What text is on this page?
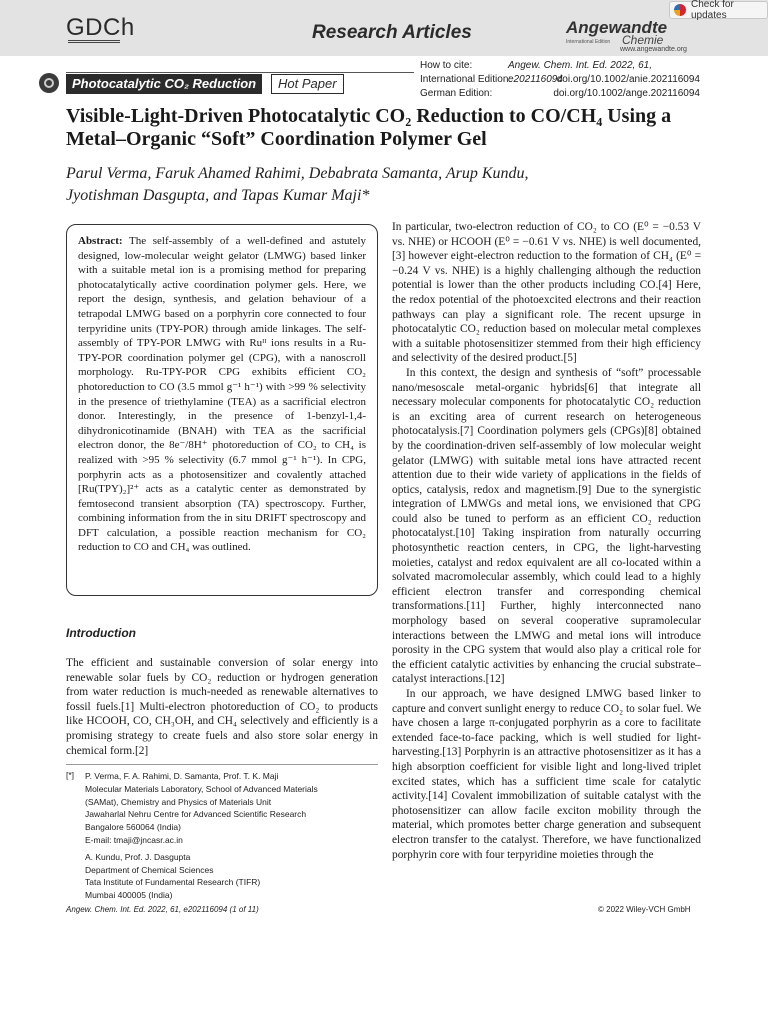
GDCh	Research Articles	Angewandte
Chemie
International Edition
www.angewandte.org
Check for updates
How to cite:	Angew. Chem. Int. Ed. 2022, 61, e202116094
International Edition:	doi.org/10.1002/anie.202116094
German Edition:	doi.org/10.1002/ange.202116094
Photocatalytic CO₂ Reduction	Hot Paper
Visible-Light-Driven Photocatalytic CO₂ Reduction to CO/CH₄ Using a Metal–Organic “Soft” Coordination Polymer Gel
Parul Verma, Faruk Ahamed Rahimi, Debabrata Samanta, Arup Kundu,
Jyotishman Dasgupta, and Tapas Kumar Maji*

Abstract: The self-assembly of a well-defined and astutely designed, low-molecular weight gelator (LMWG) based linker with a suitable metal ion is a promising method for preparing photocatalytically active coordination polymer gels. Here, we report the design, synthesis, and gelation behaviour of a tetrapodal LMWG based on a porphyrin core connected to four terpyridine units (TPY-POR) through amide linkages. The self-assembly of TPY-POR LMWG with Ruᴵᴵ ions results in a Ru-TPY-POR coordination polymer gel (CPG), with a nanoscroll morphology. Ru-TPY-POR CPG exhibits efficient CO₂ photoreduction to CO (3.5 mmol g⁻¹ h⁻¹) with >99 % selectivity in the presence of triethylamine (TEA) as a sacrificial electron donor. Interestingly, in the presence of 1-benzyl-1,4-dihydronicotinamide (BNAH) with TEA as the sacrificial electron donor, the 8e⁻/8H⁺ photoreduction of CO₂ to CH₄ is realized with >95 % selectivity (6.7 mmol g⁻¹ h⁻¹). In CPG, porphyrin acts as a photosensitizer and covalently attached [Ru(TPY)₂]²⁺ acts as a catalytic center as demonstrated by femtosecond transient absorption (TA) spectroscopy. Further, combining information from the in situ DRIFT spectroscopy and DFT calculation, a possible reaction mechanism for CO₂ reduction to CO and CH₄ was outlined.

Introduction

The efficient and sustainable conversion of solar energy into renewable solar fuels by CO₂ reduction or hydrogen generation from water reduction is much-needed as renewable alternatives to fossil fuels.[1] Multi-electron photoreduction of CO₂ to products like HCOOH, CO, CH₃OH, and CH₄ selectively and efficiently is a promising strategy to create fuels and also store solar energy in chemical form.[2]

[*] P. Verma, F. A. Rahimi, D. Samanta, Prof. T. K. Maji
Molecular Materials Laboratory, School of Advanced Materials
(SAMat), Chemistry and Physics of Materials Unit
Jawaharlal Nehru Centre for Advanced Scientific Research
Bangalore 560064 (India)
E-mail: tmaji@jncasr.ac.in
A. Kundu, Prof. J. Dasgupta
Department of Chemical Sciences
Tata Institute of Fundamental Research (TIFR)
Mumbai 400005 (India)

In particular, two-electron reduction of CO₂ to CO (E⁰ = −0.53 V vs. NHE) or HCOOH (E⁰ = −0.61 V vs. NHE) is well documented,[3] however eight-electron reduction to the formation of CH₄ (E⁰ = −0.24 V vs. NHE) is a highly challenging although the reduction potential is lower than the other products including CO.[4] Here, the redox potential of the photoexcited electrons and their reaction pathways can play a significant role. The recent upsurge in photocatalytic CO₂ reduction based on molecular metal complexes with a suitable photosensitizer stemmed from their high efficiency and selectivity of the desired product.[5]

In this context, the design and synthesis of “soft” processable nano/mesoscale metal-organic hybrids[6] that integrate all necessary molecular components for photocatalytic CO₂ reduction is an exciting area of current research on heterogeneous photocatalysis.[7] Coordination polymers gels (CPGs)[8] obtained by the coordination-driven self-assembly of low molecular weight gelator (LMWG) with suitable metal ions have attracted recent attention due to their wide variety of applications in the fields of optics, catalysis, redox and magnetism.[9] Due to the synergistic integration of LMWGs and metal ions, we envisioned that CPG could also be tuned to perform as an efficient CO₂ reduction photocatalyst.[10] Taking inspiration from naturally occurring photosynthetic reaction centers, in CPG, the light-harvesting moieties, catalyst and redox equivalent are all co-located within a solvated macromolecular assembly, which could lead to a highly efficient electron transfer and corresponding chemical transformations.[11] Further, highly interconnected nano morphology based on several cooperative supramolecular interactions between the LMWG and metal ions will introduce porosity in the CPG system that would also play a critical role for the efficient catalytic activities by enhancing the crucial substrate–catalyst interactions.[12]

In our approach, we have designed LMWG based linker to capture and convert sunlight energy to reduce CO₂ to solar fuel. We have chosen a large π-conjugated porphyrin as a core to facilitate extended face-to-face packing, which is well studied for light-harvesting.[13] Porphyrin is an attractive photosensitizer as it has a high absorption coefficient for visible light and long-lived triplet excited states, which has a sufficient time scale for catalytic activity.[14] Covalent immobilization of suitable catalyst with the photosensitizer can allow facile exciton mobility through the material, which promotes better charge generation and subsequent electron transfer to the catalyst. Therefore, we have functionalized porphyrin core with four terpyridine moieties through the

Angew. Chem. Int. Ed. 2022, 61, e202116094 (1 of 11)	© 2022 Wiley-VCH GmbH
